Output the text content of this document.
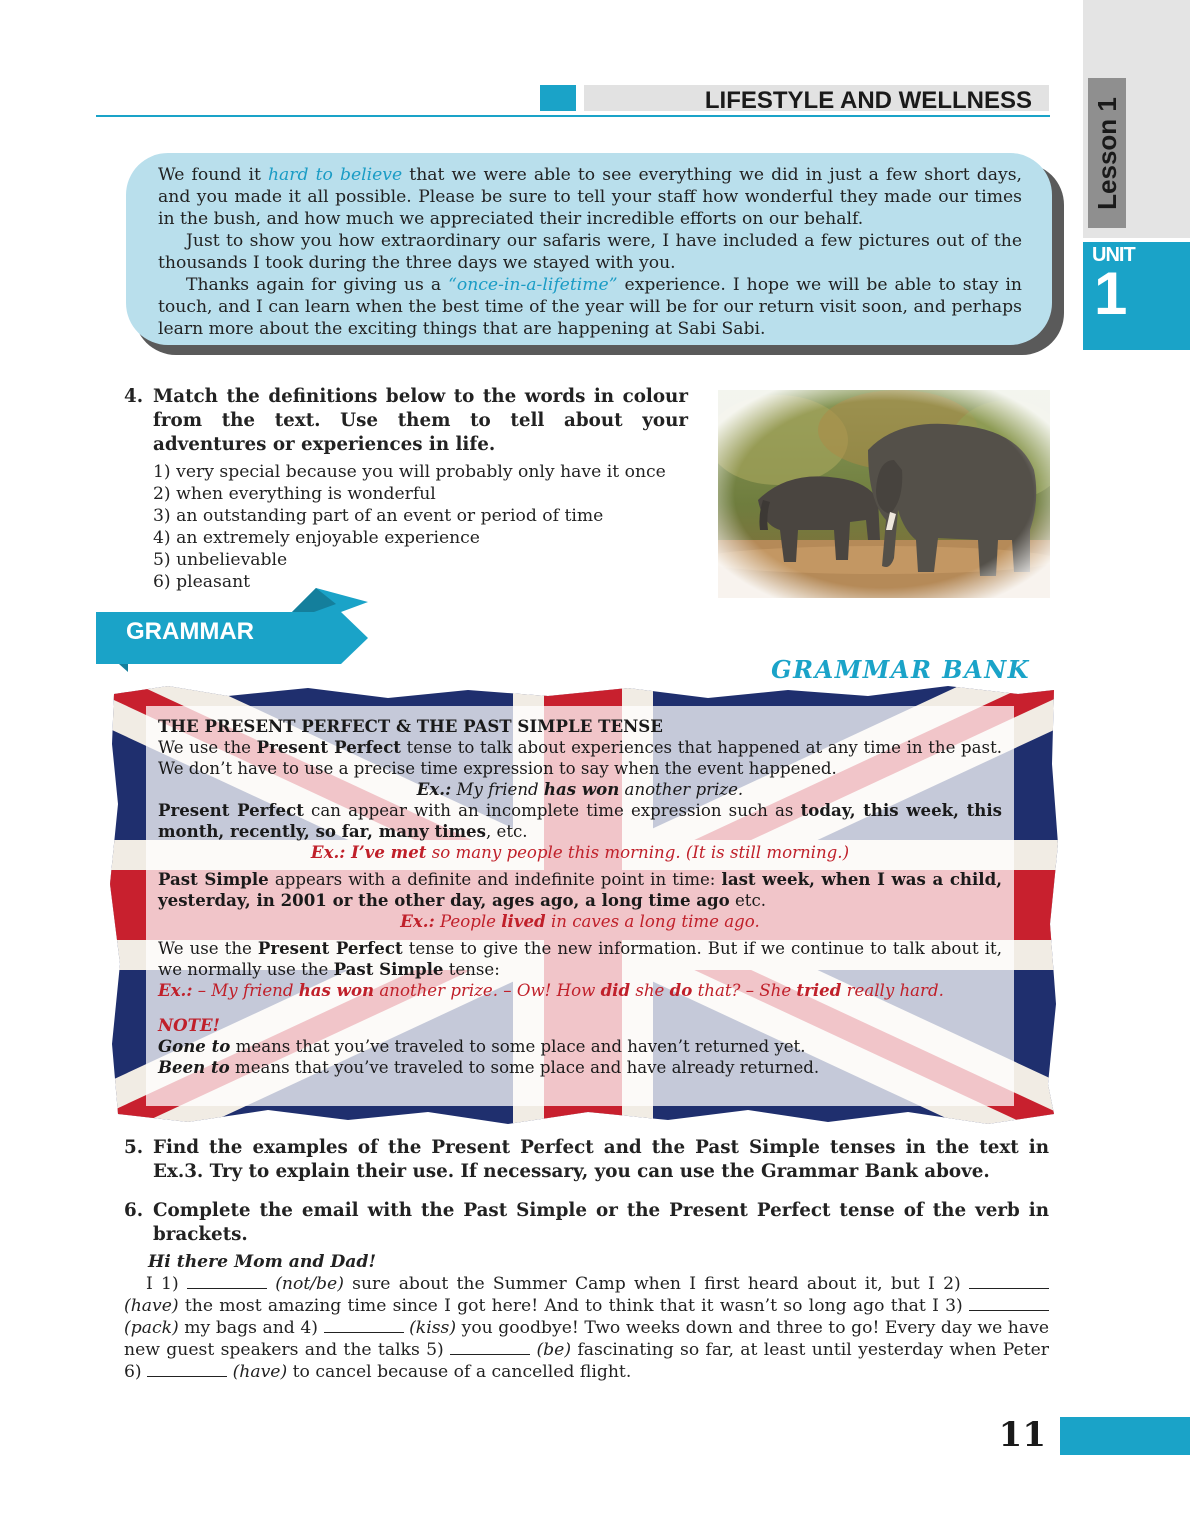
LIFESTYLE AND WELLNESS Lesson 1
UNIT
1

We found it hard to believe that we were able to see everything we did in just a few short days, and you made it all possible. Please be sure to tell your staff how wonderful they made our times in the bush, and how much we appreciated their incredible efforts on our behalf.

Just to show you how extraordinary our safaris were, I have included a few pictures out of the thousands I took during the three days we stayed with you.

Thanks again for giving us a “once-in-a-lifetime” experience. I hope we will be able to stay in touch, and I can learn when the best time of the year will be for our return visit soon, and perhaps learn more about the exciting things that are happening at Sabi Sabi.

4. Match the definitions below to the words in colour from the text. Use them to tell about your adventures or experiences in life.
1) very special because you will probably only have it once
2) when everything is wonderful
3) an outstanding part of an event or period of time
4) an extremely enjoyable experience
5) unbelievable
6) pleasant
GRAMMAR
GRAMMAR BANK

THE PRESENT PERFECT & THE PAST SIMPLE TENSE

We use the Present Perfect tense to talk about experiences that happened at any time in the past. We don’t have to use a precise time expression to say when the event happened.

Ex.: My friend has won another prize.

Present Perfect can appear with an incomplete time expression such as today, this week, this month, recently, so far, many times, etc.

Ex.: I’ve met so many people this morning. (It is still morning.)

Past Simple appears with a definite and indefinite point in time: last week, when I was a child, yesterday, in 2001 or the other day, ages ago, a long time ago etc.

Ex.: People lived in caves a long time ago.

We use the Present Perfect tense to give the new information. But if we continue to talk about it, we normally use the Past Simple tense:

Ex.: – My friend has won another prize. – Ow! How did she do that? – She tried really hard.

NOTE!

Gone to means that you’ve traveled to some place and haven’t returned yet.

Been to means that you’ve traveled to some place and have already returned.

5. Find the examples of the Present Perfect and the Past Simple tenses in the text in Ex.3. Try to explain their use. If necessary, you can use the Grammar Bank above.
6. Complete the email with the Past Simple or the Present Perfect tense of the verb in brackets.

Hi there Mom and Dad!

I 1)	(not/be) sure about the Summer Camp when I first heard about it, but I 2)  (have) the most amazing time since I got here! And to think that it wasn’t so long ago that I 3)  (pack) my bags and 4)	(kiss) you goodbye! Two weeks down and three to go! Every day we have new guest speakers and the talks 5)	(be) fascinating so far, at least until yesterday when Peter 6)	(have) to cancel because of a cancelled flight.

11
